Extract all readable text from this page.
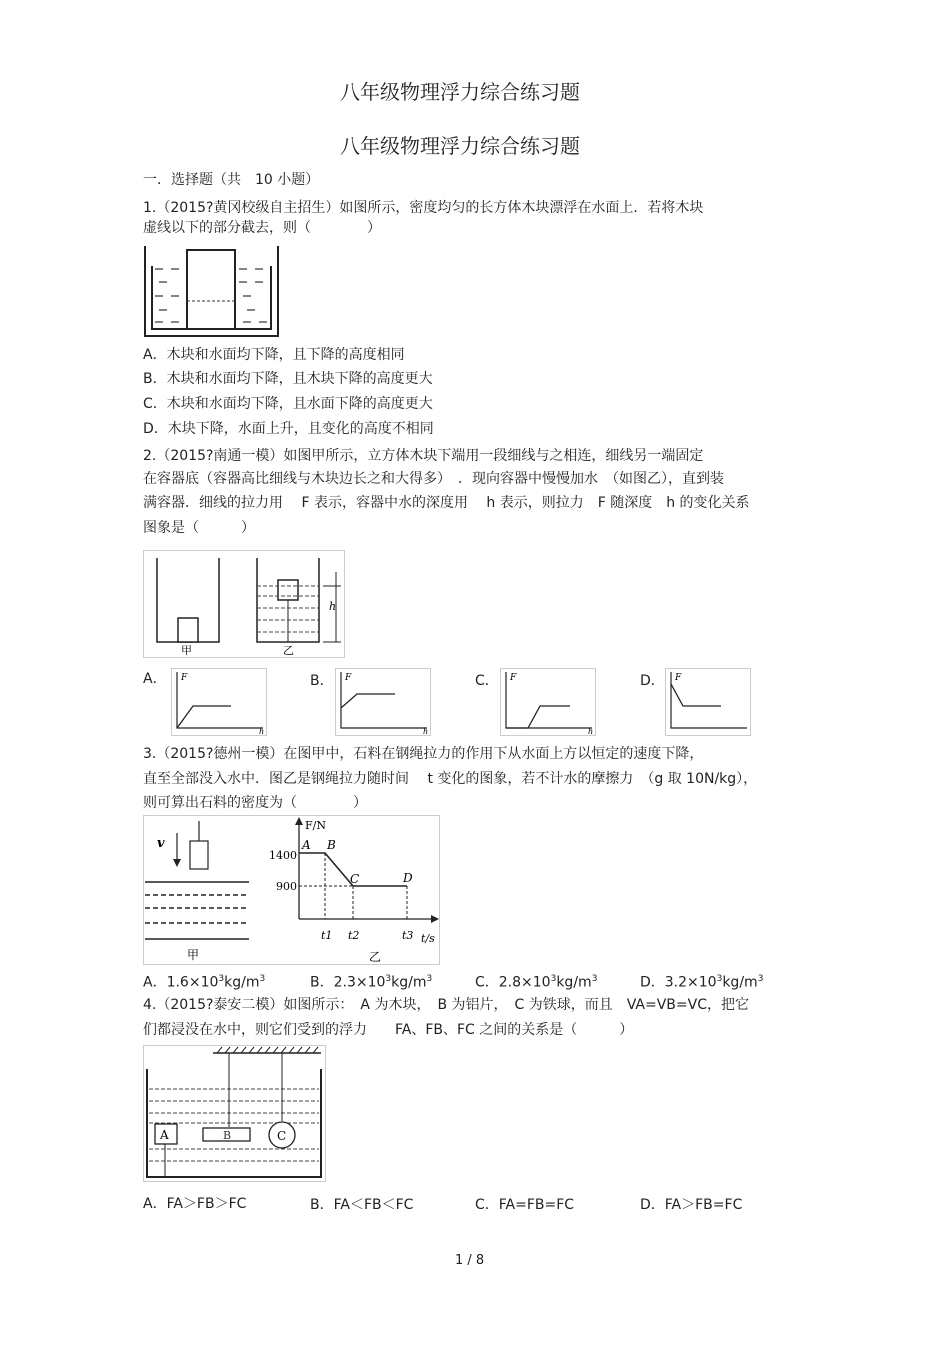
八年级物理浮力综合练习题
八年级物理浮力综合练习题
一．选择题（共　10 小题）
1.（2015?黄冈校级自主招生）如图所示，密度均匀的长方体木块漂浮在水面上．若将木块
虚线以下的部分截去，则（　　　　）
A．木块和水面均下降，且下降的高度相同
B．木块和水面均下降，且木块下降的高度更大
C．木块和水面均下降，且水面下降的高度更大
D．木块下降，水面上升，且变化的高度不相同
2.（2015?南通一模）如图甲所示，立方体木块下端用一段细线与之相连，细线另一端固定
在容器底（容器高比细线与木块边长之和大得多）　．现向容器中慢慢加水　（如图乙），直到装
满容器．细线的拉力用　 F 表示，容器中水的深度用　 h 表示，则拉力　F 随深度　h 的变化关系
图象是（　　　）
h
甲	乙
A． F
h
B． F
h
C． F
h
D． F
3.（2015?德州一模）在图甲中，石料在钢绳拉力的作用下从水面上方以恒定的速度下降，
直至全部没入水中．图乙是钢绳拉力随时间　 t 变化的图象，若不计水的摩擦力　（g 取 10N/kg），
则可算出石料的密度为（　　　　）
v
甲
F/N
t/s
1400
900
A B
C	D
t1 t2	t3
乙
A．$1.6\times 10^3kg/m^3$	B．$2.3\times 10^3kg/m^3$	C．$2.8\times 10^3kg/m^3$	D．$3.2\times 10^3kg/m^3$
4.（2015?泰安二模）如图所示：　A 为木块，　B 为铝片，　C 为铁球，而且　VA=VB=VC，把它
们都浸没在水中，则它们受到的浮力　　FA、FB、FC 之间的关系是（　　　）
A	B	C
A．FA＞FB＞FC	B．FA＜FB＜FC	C．FA=FB=FC	D．FA＞FB=FC
1 / 8
